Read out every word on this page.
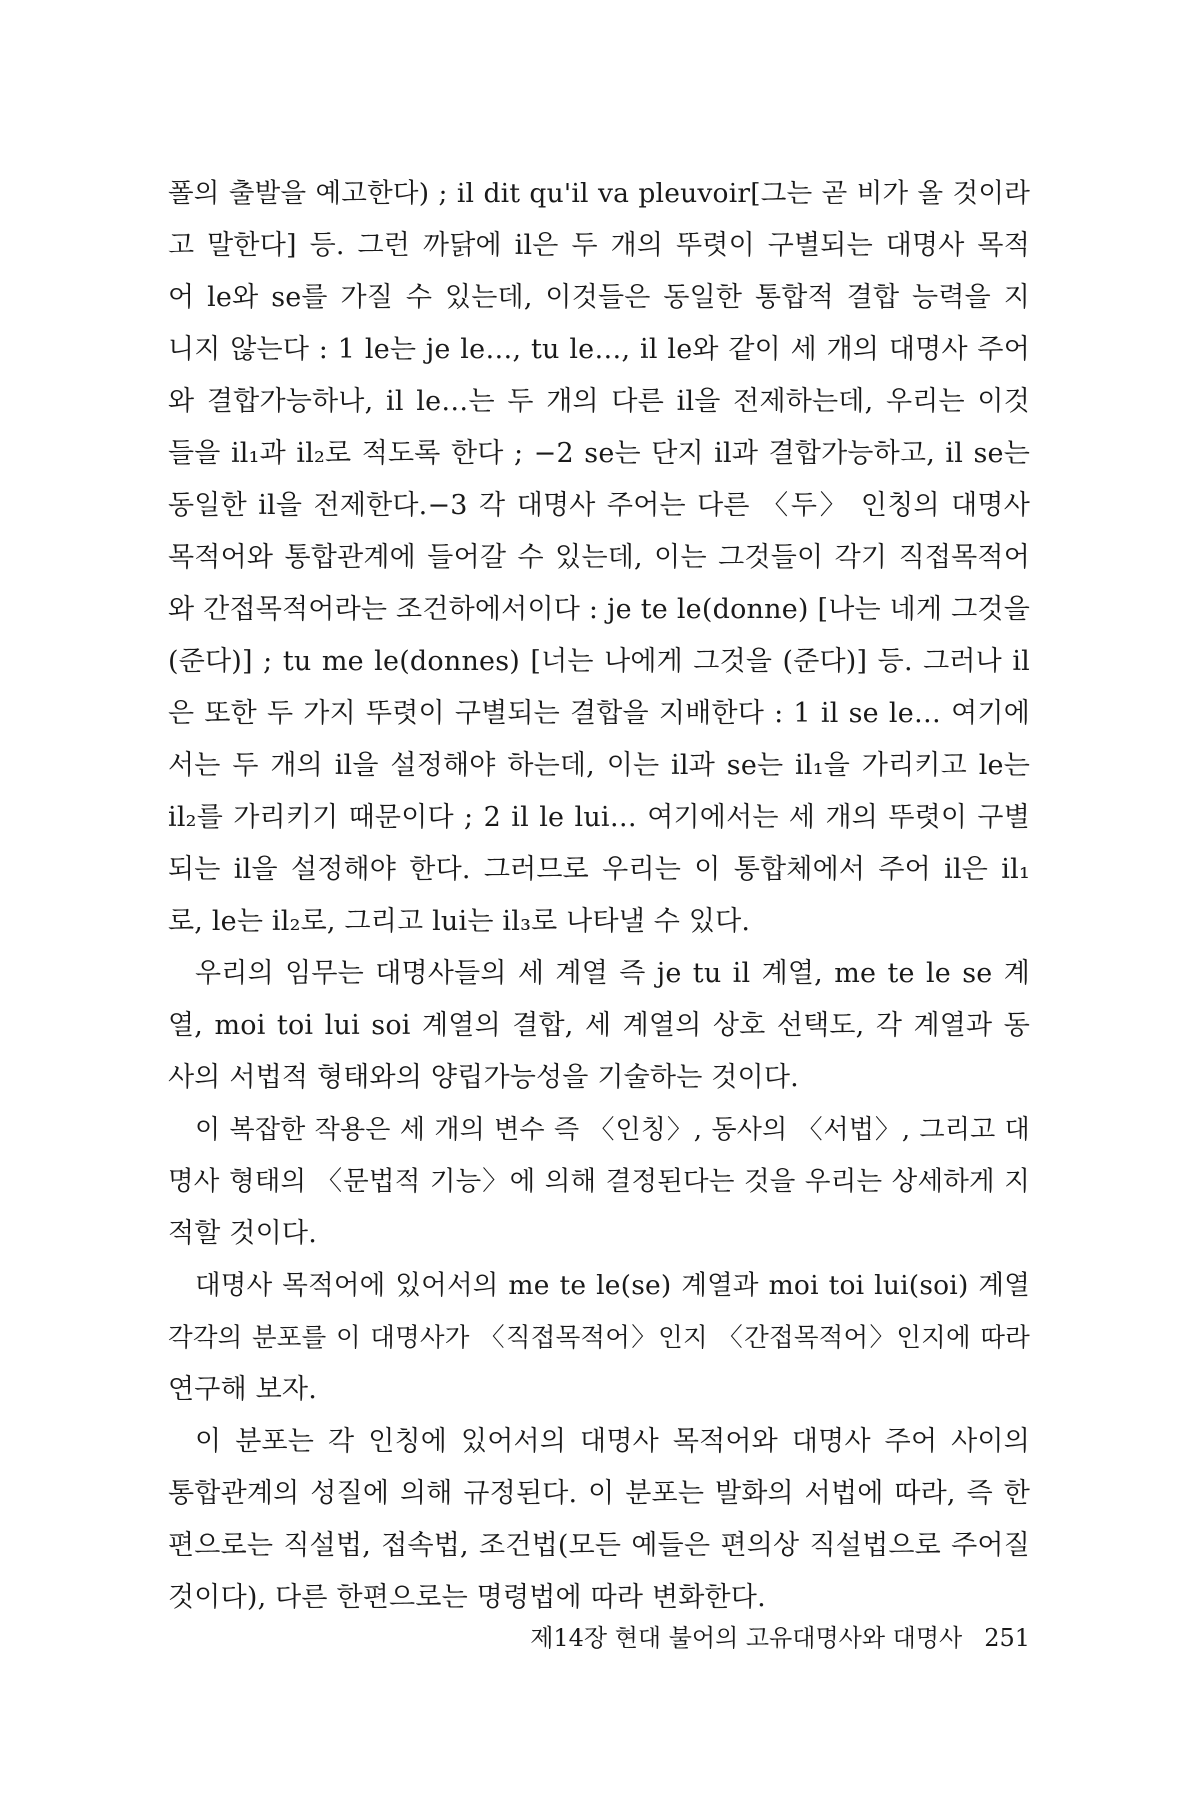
폴의 출발을 예고한다) ; il dit qu'il va pleuvoir[그는 곧 비가 올 것이라

고 말한다] 등. 그런 까닭에 il은 두 개의 뚜렷이 구별되는 대명사 목적

어 le와 se를 가질 수 있는데, 이것들은 동일한 통합적 결합 능력을 지

니지 않는다 : 1 le는 je le…, tu le…, il le와 같이 세 개의 대명사 주어

와 결합가능하나, il le…는 두 개의 다른 il을 전제하는데, 우리는 이것

들을 il₁과 il₂로 적도록 한다 ; −2 se는 단지 il과 결합가능하고, il se는

동일한 il을 전제한다.−3 각 대명사 주어는 다른 〈두〉 인칭의 대명사

목적어와 통합관계에 들어갈 수 있는데, 이는 그것들이 각기 직접목적어

와 간접목적어라는 조건하에서이다 : je te le(donne) [나는 네게 그것을

(준다)] ; tu me le(donnes) [너는 나에게 그것을 (준다)] 등. 그러나 il

은 또한 두 가지 뚜렷이 구별되는 결합을 지배한다 : 1 il se le… 여기에

서는 두 개의 il을 설정해야 하는데, 이는 il과 se는 il₁을 가리키고 le는

il₂를 가리키기 때문이다 ; 2 il le lui… 여기에서는 세 개의 뚜렷이 구별

되는 il을 설정해야 한다. 그러므로 우리는 이 통합체에서 주어 il은 il₁

로, le는 il₂로, 그리고 lui는 il₃로 나타낼 수 있다.

우리의 임무는 대명사들의 세 계열 즉 je tu il 계열, me te le se 계

열, moi toi lui soi 계열의 결합, 세 계열의 상호 선택도, 각 계열과 동

사의 서법적 형태와의 양립가능성을 기술하는 것이다.

이 복잡한 작용은 세 개의 변수 즉 〈인칭〉, 동사의 〈서법〉, 그리고 대

명사 형태의 〈문법적 기능〉에 의해 결정된다는 것을 우리는 상세하게 지

적할 것이다.

대명사 목적어에 있어서의 me te le(se) 계열과 moi toi lui(soi) 계열

각각의 분포를 이 대명사가 〈직접목적어〉인지 〈간접목적어〉인지에 따라

연구해 보자.

이 분포는 각 인칭에 있어서의 대명사 목적어와 대명사 주어 사이의

통합관계의 성질에 의해 규정된다. 이 분포는 발화의 서법에 따라, 즉 한

편으로는 직설법, 접속법, 조건법(모든 예들은 편의상 직설법으로 주어질

것이다), 다른 한편으로는 명령법에 따라 변화한다.

제14장 현대 불어의 고유대명사와 대명사 251
